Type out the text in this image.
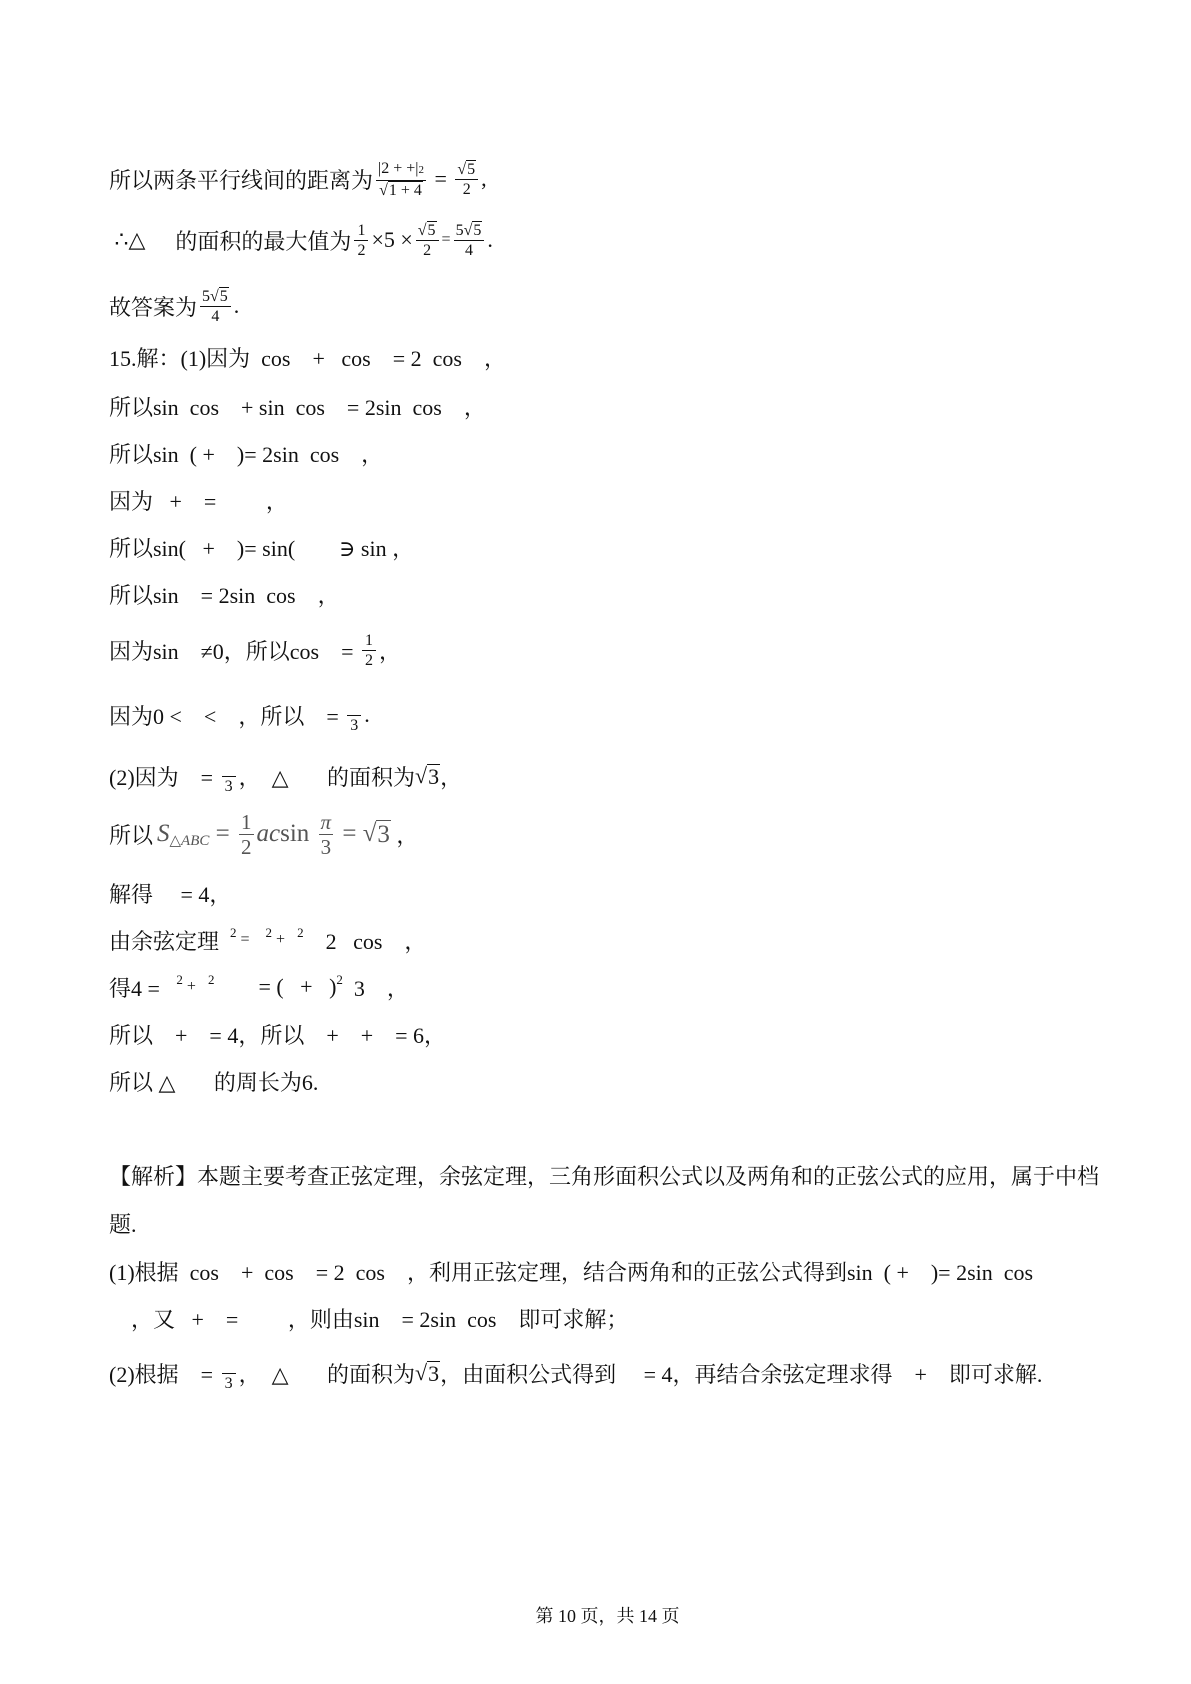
所以两条平行线间的距离为 $\frac{|2 + +|2}{√ 1 + 4} = \frac{√ 5}{2}$ ,
∴△ 的面积的最大值为 $\frac{1}{2} \times 5 \times \frac{√ 5}{2} = \frac{5 √ 5}{4}$ .
故答案为 $\frac{5 √ 5}{4}$ .
15.解：(1)因为  cos    +   cos    = 2  cos    ，
所以sin  cos    + sin  cos    = 2sin  cos    ，
所以sin  ( +    )= 2sin  cos    ，
因为   +    =         ，
所以sin(   +    )= sin(        ∋ sin ，
所以sin    = 2sin  cos    ，
因为sin    ≠0，所以cos    = $\frac{1}{2}$ ，
因为0 <    <    ，所以    = 3 .
(2)因为    = 3 ，  △       的面积为 √ 3 ，
所以 S △ABC = $\frac{1}{2}$ ac $\sin \frac{\pi}{3}$ = √ 3 ，
解得     = 4，
由余弦定理 2 = 2 + 2 2   cos    ，
得4 = 2 + 2 = (   + ) 2 3    ，
所以    +    = 4，所以    +    +    = 6，
所以 △       的周长为6.
【解析】本题主要考查正弦定理，余弦定理，三角形面积公式以及两角和的正弦公式的应用，属于中档
题.
(1)根据  cos    +  cos    = 2  cos    ，利用正弦定理，结合两角和的正弦公式得到sin  ( +    )= 2sin  cos
，又   +    =         ，则由sin    = 2sin  cos    即可求解；
(2)根据    = 3 ，  △       的面积为 √ 3 ，由面积公式得到     = 4，再结合余弦定理求得    +    即可求解.
第 10 页，共 14 页
